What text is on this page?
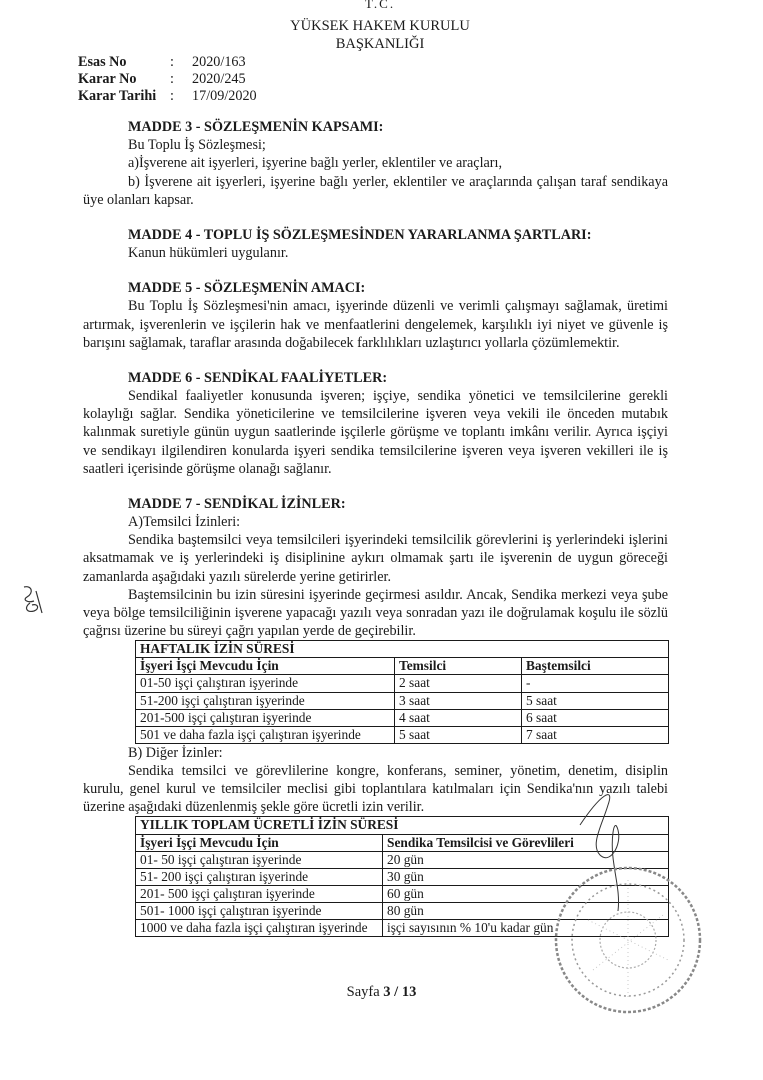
T.C.
YÜKSEK HAKEM KURULU
BAŞKANLIĞI
Esas No	:	2020/163
Karar No	:	2020/245
Karar Tarihi :	17/09/2020
MADDE 3 - SÖZLEŞMENİN KAPSAMI:

Bu Toplu İş Sözleşmesi;

a)İşverene ait işyerleri, işyerine bağlı yerler, eklentiler ve araçları,

b) İşverene ait işyerleri, işyerine bağlı yerler, eklentiler ve araçlarında çalışan taraf sendikaya üye olanları kapsar.

MADDE 4 - TOPLU İŞ SÖZLEŞMESİNDEN YARARLANMA ŞARTLARI:

Kanun hükümleri uygulanır.

MADDE 5 - SÖZLEŞMENİN AMACI:

Bu Toplu İş Sözleşmesi'nin amacı, işyerinde düzenli ve verimli çalışmayı sağlamak, üretimi artırmak, işverenlerin ve işçilerin hak ve menfaatlerini dengelemek, karşılıklı iyi niyet ve güvenle iş barışını sağlamak, taraflar arasında doğabilecek farklılıkları uzlaştırıcı yollarla çözümlemektir.

MADDE 6 - SENDİKAL FAALİYETLER:

Sendikal faaliyetler konusunda işveren; işçiye, sendika yönetici ve temsilcilerine gerekli kolaylığı sağlar. Sendika yöneticilerine ve temsilcilerine işveren veya vekili ile önceden mutabık kalınmak suretiyle günün uygun saatlerinde işçilerle görüşme ve toplantı imkânı verilir. Ayrıca işçiyi ve sendikayı ilgilendiren konularda işyeri sendika temsilcilerine işveren veya işveren vekilleri ile iş saatleri içerisinde görüşme olanağı sağlanır.

MADDE 7 - SENDİKAL İZİNLER:

A)Temsilci İzinleri:

Sendika baştemsilci veya temsilcileri işyerindeki temsilcilik görevlerini iş yerlerindeki işlerini aksatmamak ve iş yerlerindeki iş disiplinine aykırı olmamak şartı ile işverenin de uygun göreceği zamanlarda aşağıdaki yazılı sürelerde yerine getirirler.

Baştemsilcinin bu izin süresini işyerinde geçirmesi asıldır. Ancak, Sendika merkezi veya şube veya bölge temsilciliğinin işverene yapacağı yazılı veya sonradan yazı ile doğrulamak koşulu ile sözlü çağrısı üzerine bu süreyi çağrı yapılan yerde de geçirebilir.

HAFTALIK İZİN SÜRESİ		
İşyeri İşçi Mevcudu İçin	Temsilci	Baştemsilci
01-50 işçi çalıştıran işyerinde	2 saat	-
51-200 işçi çalıştıran işyerinde	3 saat	5 saat
201-500 işçi çalıştıran işyerinde	4 saat	6 saat
501 ve daha fazla işçi çalıştıran işyerinde	5 saat	7 saat

B) Diğer İzinler:

Sendika temsilci ve görevlilerine kongre, konferans, seminer, yönetim, denetim, disiplin kurulu, genel kurul ve temsilciler meclisi gibi toplantılara katılmaları için Sendika'nın yazılı talebi üzerine aşağıdaki düzenlenmiş şekle göre ücretli izin verilir.

YILLIK TOPLAM ÜCRETLİ İZİN SÜRESİ	
İşyeri İşçi Mevcudu İçin	Sendika Temsilcisi ve Görevlileri
01- 50 işçi çalıştıran işyerinde	20 gün
51- 200 işçi çalıştıran işyerinde	30 gün
201- 500 işçi çalıştıran işyerinde	60 gün
501- 1000 işçi çalıştıran işyerinde	80 gün
1000 ve daha fazla işçi çalıştıran işyerinde	işçi sayısının % 10'u kadar gün
Sayfa 3 / 13
